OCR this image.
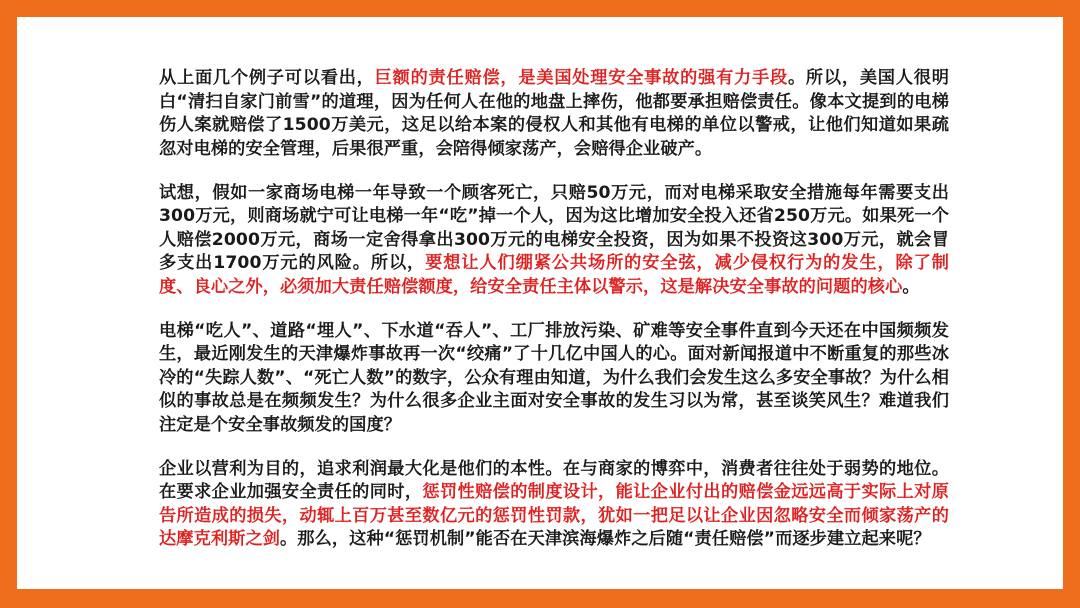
从上面几个例子可以看出，巨额的责任赔偿，是美国处理安全事故的强有力手段。所以，美国人很明白“清扫自家门前雪”的道理，因为任何人在他的地盘上摔伤，他都要承担赔偿责任。像本文提到的电梯伤人案就赔偿了1500万美元，这足以给本案的侵权人和其他有电梯的单位以警戒，让他们知道如果疏忽对电梯的安全管理，后果很严重，会陪得倾家荡产，会赔得企业破产。

试想，假如一家商场电梯一年导致一个顾客死亡，只赔50万元，而对电梯采取安全措施每年需要支出300万元，则商场就宁可让电梯一年“吃”掉一个人，因为这比增加安全投入还省250万元。如果死一个人赔偿2000万元，商场一定舍得拿出300万元的电梯安全投资，因为如果不投资这300万元，就会冒多支出1700万元的风险。所以，要想让人们绷紧公共场所的安全弦，减少侵权行为的发生，除了制度、良心之外，必须加大责任赔偿额度，给安全责任主体以警示，这是解决安全事故的问题的核心。

电梯“吃人”、道路“埋人”、下水道“吞人”、工厂排放污染、矿难等安全事件直到今天还在中国频频发生，最近刚发生的天津爆炸事故再一次“绞痛”了十几亿中国人的心。面对新闻报道中不断重复的那些冰冷的“失踪人数”、“死亡人数”的数字，公众有理由知道，为什么我们会发生这么多安全事故？为什么相似的事故总是在频频发生？为什么很多企业主面对安全事故的发生习以为常，甚至谈笑风生？难道我们注定是个安全事故频发的国度？

企业以营利为目的，追求利润最大化是他们的本性。在与商家的博弈中，消费者往往处于弱势的地位。在要求企业加强安全责任的同时，惩罚性赔偿的制度设计，能让企业付出的赔偿金远远高于实际上对原告所造成的损失，动辄上百万甚至数亿元的惩罚性罚款，犹如一把足以让企业因忽略安全而倾家荡产的达摩克利斯之剑。那么，这种“惩罚机制”能否在天津滨海爆炸之后随“责任赔偿”而逐步建立起来呢？
